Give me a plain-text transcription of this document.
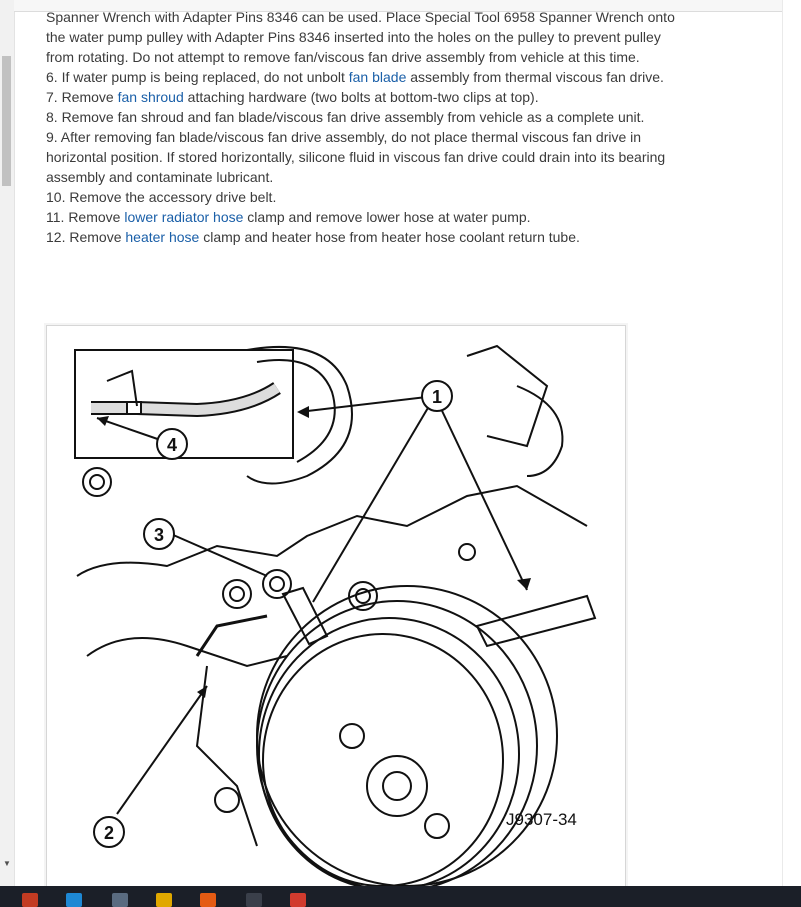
▼

Spanner Wrench with Adapter Pins 8346 can be used. Place Special Tool 6958 Spanner Wrench onto the water pump pulley with Adapter Pins 8346 inserted into the holes on the pulley to prevent pulley from rotating. Do not attempt to remove fan/viscous fan drive assembly from vehicle at this time.

6. If water pump is being replaced, do not unbolt fan blade assembly from thermal viscous fan drive.

7. Remove fan shroud attaching hardware (two bolts at bottom-two clips at top).

8. Remove fan shroud and fan blade/viscous fan drive assembly from vehicle as a complete unit.

9. After removing fan blade/viscous fan drive assembly, do not place thermal viscous fan drive in horizontal position. If stored horizontally, silicone fluid in viscous fan drive could drain into its bearing assembly and contaminate lubricant.

10. Remove the accessory drive belt.

11. Remove lower radiator hose clamp and remove lower hose at water pump.

12. Remove heater hose clamp and heater hose from heater hose coolant return tube.

1
4
3
2
J9307-34
